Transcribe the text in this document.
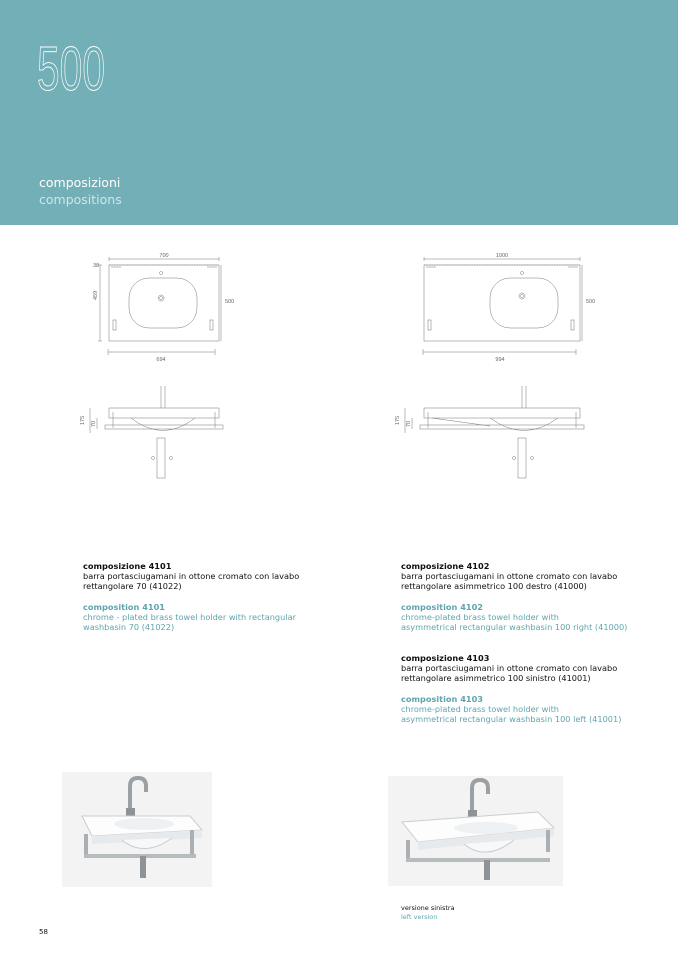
500
composizioni
compositions
700
38
459
500
694
175 70
1000
500
994
175 70
composizione 4101
barra portasciugamani in ottone cromato con lavabo
rettangolare 70 (41022)
composition 4101
chrome - plated brass towel holder with rectangular
washbasin 70 (41022)
composizione 4102
barra portasciugamani in ottone cromato con lavabo
rettangolare asimmetrico 100 destro (41000)
composition 4102
chrome-plated brass towel holder with
asymmetrical rectangular washbasin 100 right (41000)
composizione 4103
barra portasciugamani in ottone cromato con lavabo
rettangolare asimmetrico 100 sinistro (41001)
composition 4103
chrome-plated brass towel holder with
asymmetrical rectangular washbasin 100 left (41001)
versione sinistra
left version
58
